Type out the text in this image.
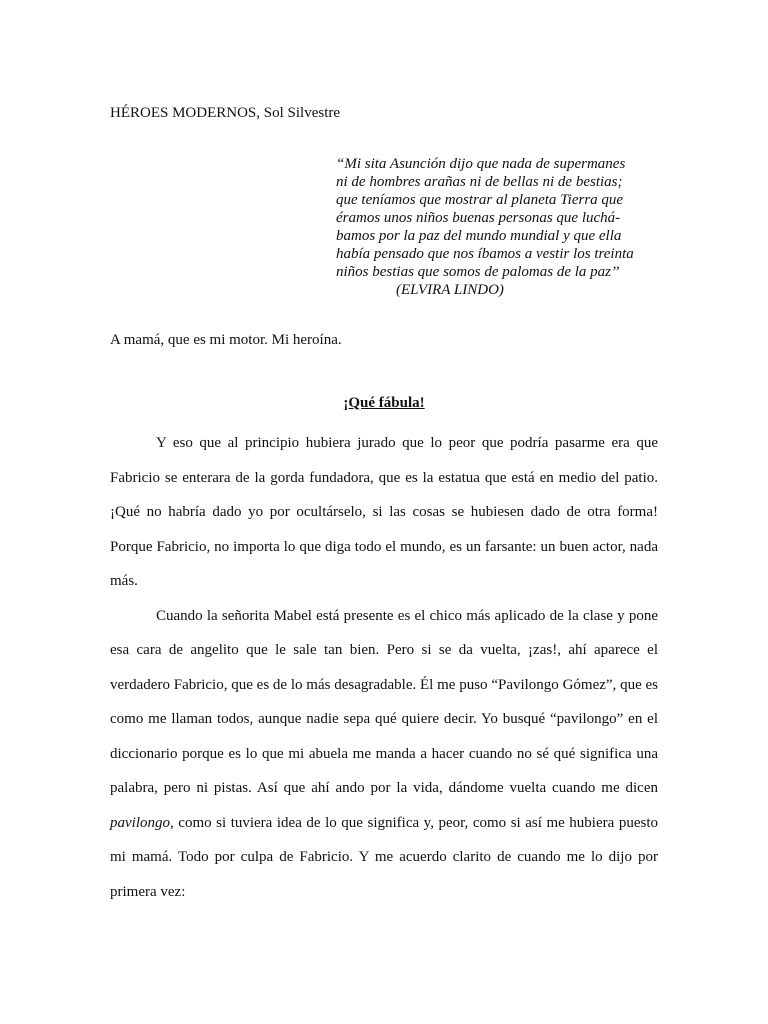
HÉROES MODERNOS, Sol Silvestre
“Mi sita Asunción dijo que nada de supermanes
ni de hombres arañas ni de bellas ni de bestias;
que teníamos que mostrar al planeta Tierra que
éramos unos niños buenas personas que luchá-
bamos por la paz del mundo mundial y que ella
había pensado que nos íbamos a vestir los treinta
niños bestias que somos de palomas de la paz’’
(ELVIRA LINDO)
A mamá, que es mi motor. Mi heroína.
¡Qué fábula!

Y eso que al principio hubiera jurado que lo peor que podría pasarme era que Fabricio se enterara de la gorda fundadora, que es la estatua que está en medio del patio. ¡Qué no habría dado yo por ocultárselo, si las cosas se hubiesen dado de otra forma! Porque Fabricio, no importa lo que diga todo el mundo, es un farsante: un buen actor, nada más.

Cuando la señorita Mabel está presente es el chico más aplicado de la clase y pone esa cara de angelito que le sale tan bien. Pero si se da vuelta, ¡zas!, ahí aparece el verdadero Fabricio, que es de lo más desagradable. Él me puso “Pavilongo Gómez”, que es como me llaman todos, aunque nadie sepa qué quiere decir. Yo busqué “pavilongo” en el diccionario porque es lo que mi abuela me manda a hacer cuando no sé qué significa una palabra, pero ni pistas. Así que ahí ando por la vida, dándome vuelta cuando me dicen pavilongo, como si tuviera idea de lo que significa y, peor, como si así me hubiera puesto mi mamá. Todo por culpa de Fabricio. Y me acuerdo clarito de cuando me lo dijo por primera vez:
